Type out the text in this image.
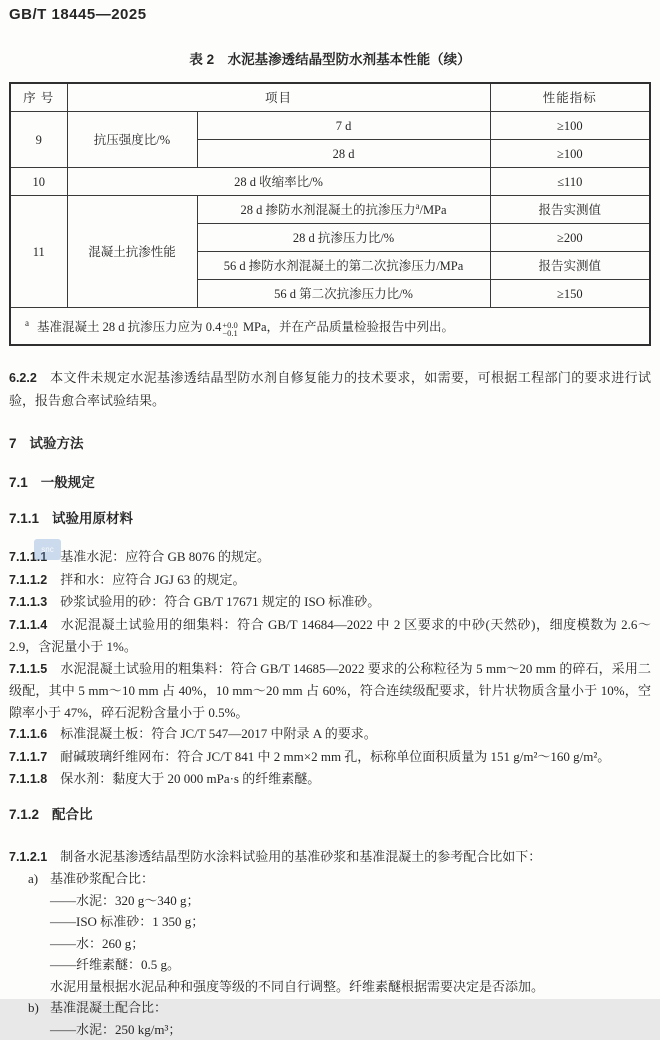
GB/T 18445—2025
表 2　水泥基渗透结晶型防水剂基本性能（续）
序 号	项目		性能指标
9	抗压强度比/%	7 d	≥100
		28 d	≥100
10	28 d 收缩率比/%		≤110
11	混凝土抗渗性能	28 d 掺防水剂混凝土的抗渗压力$^a$/MPa	报告实测值
		28 d 抗渗压力比/%	≥200
		56 d 掺防水剂混凝土的第二次抗渗压力/MPa	报告实测值
		56 d 第二次抗渗压力比/%	≥150
$^a$ 基准混凝土 28 d 抗渗压力应为 0.4 +0.0
−0.1 MPa，并在产品质量检验报告中列出。			

6.2.2 本文件未规定水泥基渗透结晶型防水剂自修复能力的技术要求，如需要，可根据工程部门的要求进行试验，报告愈合率试验结果。

7 试验方法

7.1 一般规定

7.1.1 试验用原材料

7.1.1.1 基准水泥：应符合 GB 8076 的规定。

7.1.1.2 拌和水：应符合 JGJ 63 的规定。

7.1.1.3 砂浆试验用的砂：符合 GB/T 17671 规定的 ISO 标准砂。

7.1.1.4 水泥混凝土试验用的细集料：符合 GB/T 14684—2022 中 2 区要求的中砂(天然砂)，细度模数为 2.6～2.9，含泥量小于 1%。

7.1.1.5 水泥混凝土试验用的粗集料：符合 GB/T 14685—2022 要求的公称粒径为 5 mm～20 mm 的碎石，采用二级配，其中 5 mm～10 mm 占 40%，10 mm～20 mm 占 60%，符合连续级配要求，针片状物质含量小于 10%，空隙率小于 47%，碎石泥粉含量小于 0.5%。

7.1.1.6 标准混凝土板：符合 JC/T 547—2017 中附录 A 的要求。

7.1.1.7 耐碱玻璃纤维网布：符合 JC/T 841 中 2 mm×2 mm 孔，标称单位面积质量为 151 g/m²～160 g/m²。

7.1.1.8 保水剂：黏度大于 20 000 mPa·s 的纤维素醚。

7.1.2 配合比

7.1.2.1 制备水泥基渗透结晶型防水涂料试验用的基准砂浆和基准混凝土的参考配合比如下：

a) 基准砂浆配合比：

——水泥：320 g～340 g；

——ISO 标准砂：1 350 g；

——水：260 g；

——纤维素醚：0.5 g。

水泥用量根据水泥品种和强度等级的不同自行调整。纤维素醚根据需要决定是否添加。

b) 基准混凝土配合比：

——水泥：250 kg/m³；

snc
